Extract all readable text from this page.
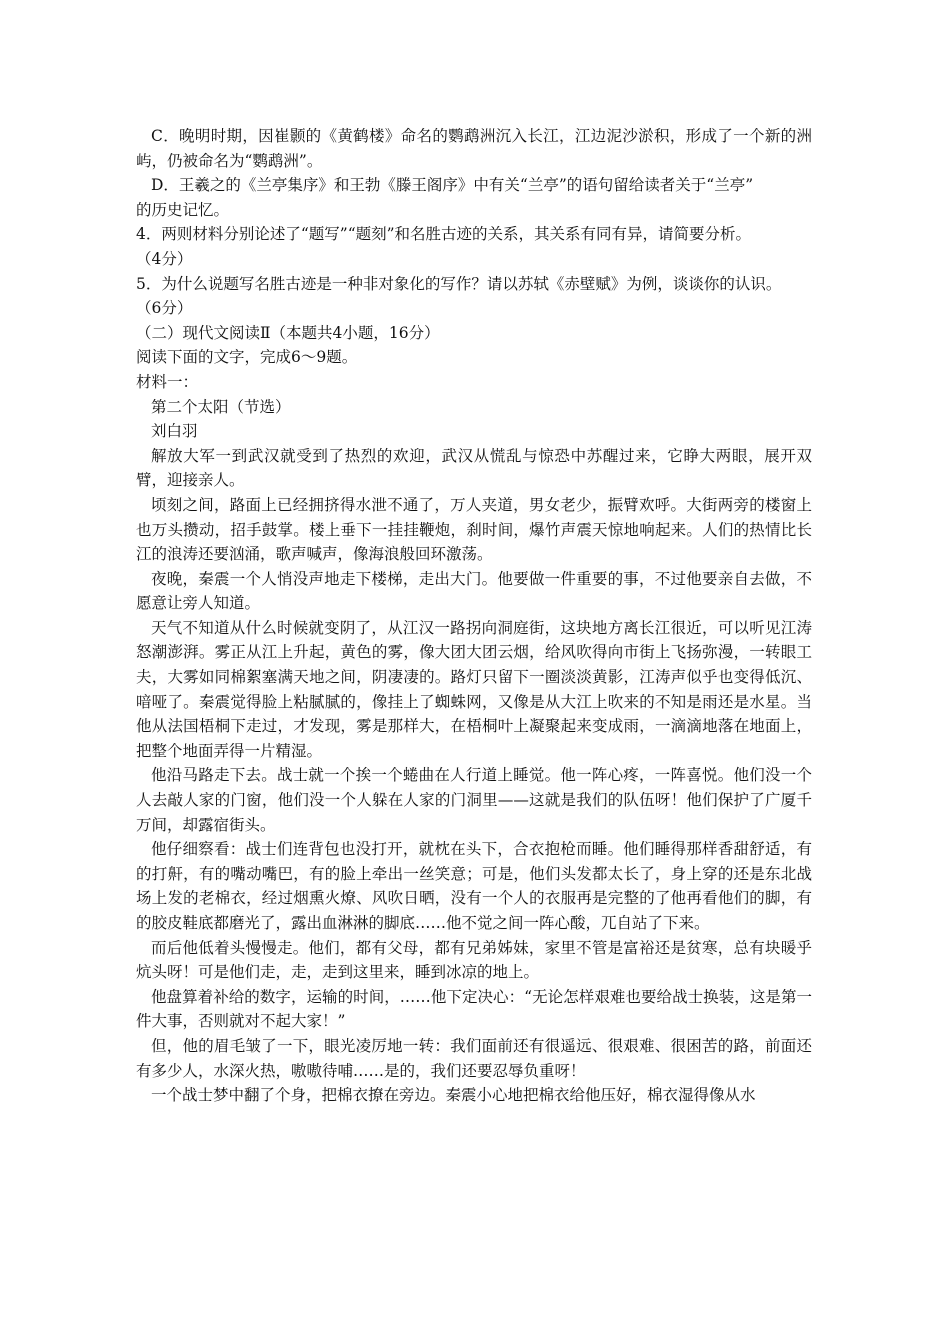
C．晚明时期，因崔颢的《黄鹤楼》命名的鹦鹉洲沉入长江，江边泥沙淤积，形成了一个新的洲屿，仍被命名为“鹦鹉洲”。

D．王羲之的《兰亭集序》和王勃《滕王阁序》中有关“兰亭”的语句留给读者关于“兰亭”

的历史记忆。

4．两则材料分别论述了“题写”“题刻”和名胜古迹的关系，其关系有同有异，请简要分析。

（4分）

5．为什么说题写名胜古迹是一种非对象化的写作？请以苏轼《赤壁赋》为例，谈谈你的认识。

（6分）

（二）现代文阅读Ⅱ（本题共4小题，16分）

阅读下面的文字，完成6～9题。

材料一：

第二个太阳（节选）

刘白羽

解放大军一到武汉就受到了热烈的欢迎，武汉从慌乱与惊恐中苏醒过来，它睁大两眼，展开双臂，迎接亲人。

顷刻之间，路面上已经拥挤得水泄不通了，万人夹道，男女老少，振臂欢呼。大街两旁的楼窗上也万头攒动，招手鼓掌。楼上垂下一挂挂鞭炮，刹时间，爆竹声震天惊地响起来。人们的热情比长江的浪涛还要汹涌，歌声喊声，像海浪般回环激荡。

夜晚，秦震一个人悄没声地走下楼梯，走出大门。他要做一件重要的事，不过他要亲自去做，不愿意让旁人知道。

天气不知道从什么时候就变阴了，从江汉一路拐向洞庭街，这块地方离长江很近，可以听见江涛怒潮澎湃。雾正从江上升起，黄色的雾，像大团大团云烟，给风吹得向市街上飞扬弥漫，一转眼工夫，大雾如同棉絮塞满天地之间，阴凄凄的。路灯只留下一圈淡淡黄影，江涛声似乎也变得低沉、喑哑了。秦震觉得脸上粘腻腻的，像挂上了蜘蛛网，又像是从大江上吹来的不知是雨还是水星。当他从法国梧桐下走过，才发现，雾是那样大，在梧桐叶上凝聚起来变成雨，一滴滴地落在地面上，把整个地面弄得一片精湿。

他沿马路走下去。战士就一个挨一个蜷曲在人行道上睡觉。他一阵心疼，一阵喜悦。他们没一个人去敲人家的门窗，他们没一个人躲在人家的门洞里——这就是我们的队伍呀！他们保护了广厦千万间，却露宿街头。

他仔细察看：战士们连背包也没打开，就枕在头下，合衣抱枪而睡。他们睡得那样香甜舒适，有的打鼾，有的嘴动嘴巴，有的脸上牵出一丝笑意；可是，他们头发都太长了，身上穿的还是东北战场上发的老棉衣，经过烟熏火燎、风吹日晒，没有一个人的衣服再是完整的了他再看他们的脚，有的胶皮鞋底都磨光了，露出血淋淋的脚底……他不觉之间一阵心酸，兀自站了下来。

而后他低着头慢慢走。他们，都有父母，都有兄弟姊妹，家里不管是富裕还是贫寒，总有块暖乎炕头呀！可是他们走，走，走到这里来，睡到冰凉的地上。

他盘算着补给的数字，运输的时间，……他下定决心：“无论怎样艰难也要给战士换装，这是第一件大事，否则就对不起大家！”

但，他的眉毛皱了一下，眼光凌厉地一转：我们面前还有很遥远、很艰难、很困苦的路，前面还有多少人，水深火热，嗷嗷待哺……是的，我们还要忍辱负重呀！

一个战士梦中翻了个身，把棉衣撩在旁边。秦震小心地把棉衣给他压好，棉衣湿得像从水
